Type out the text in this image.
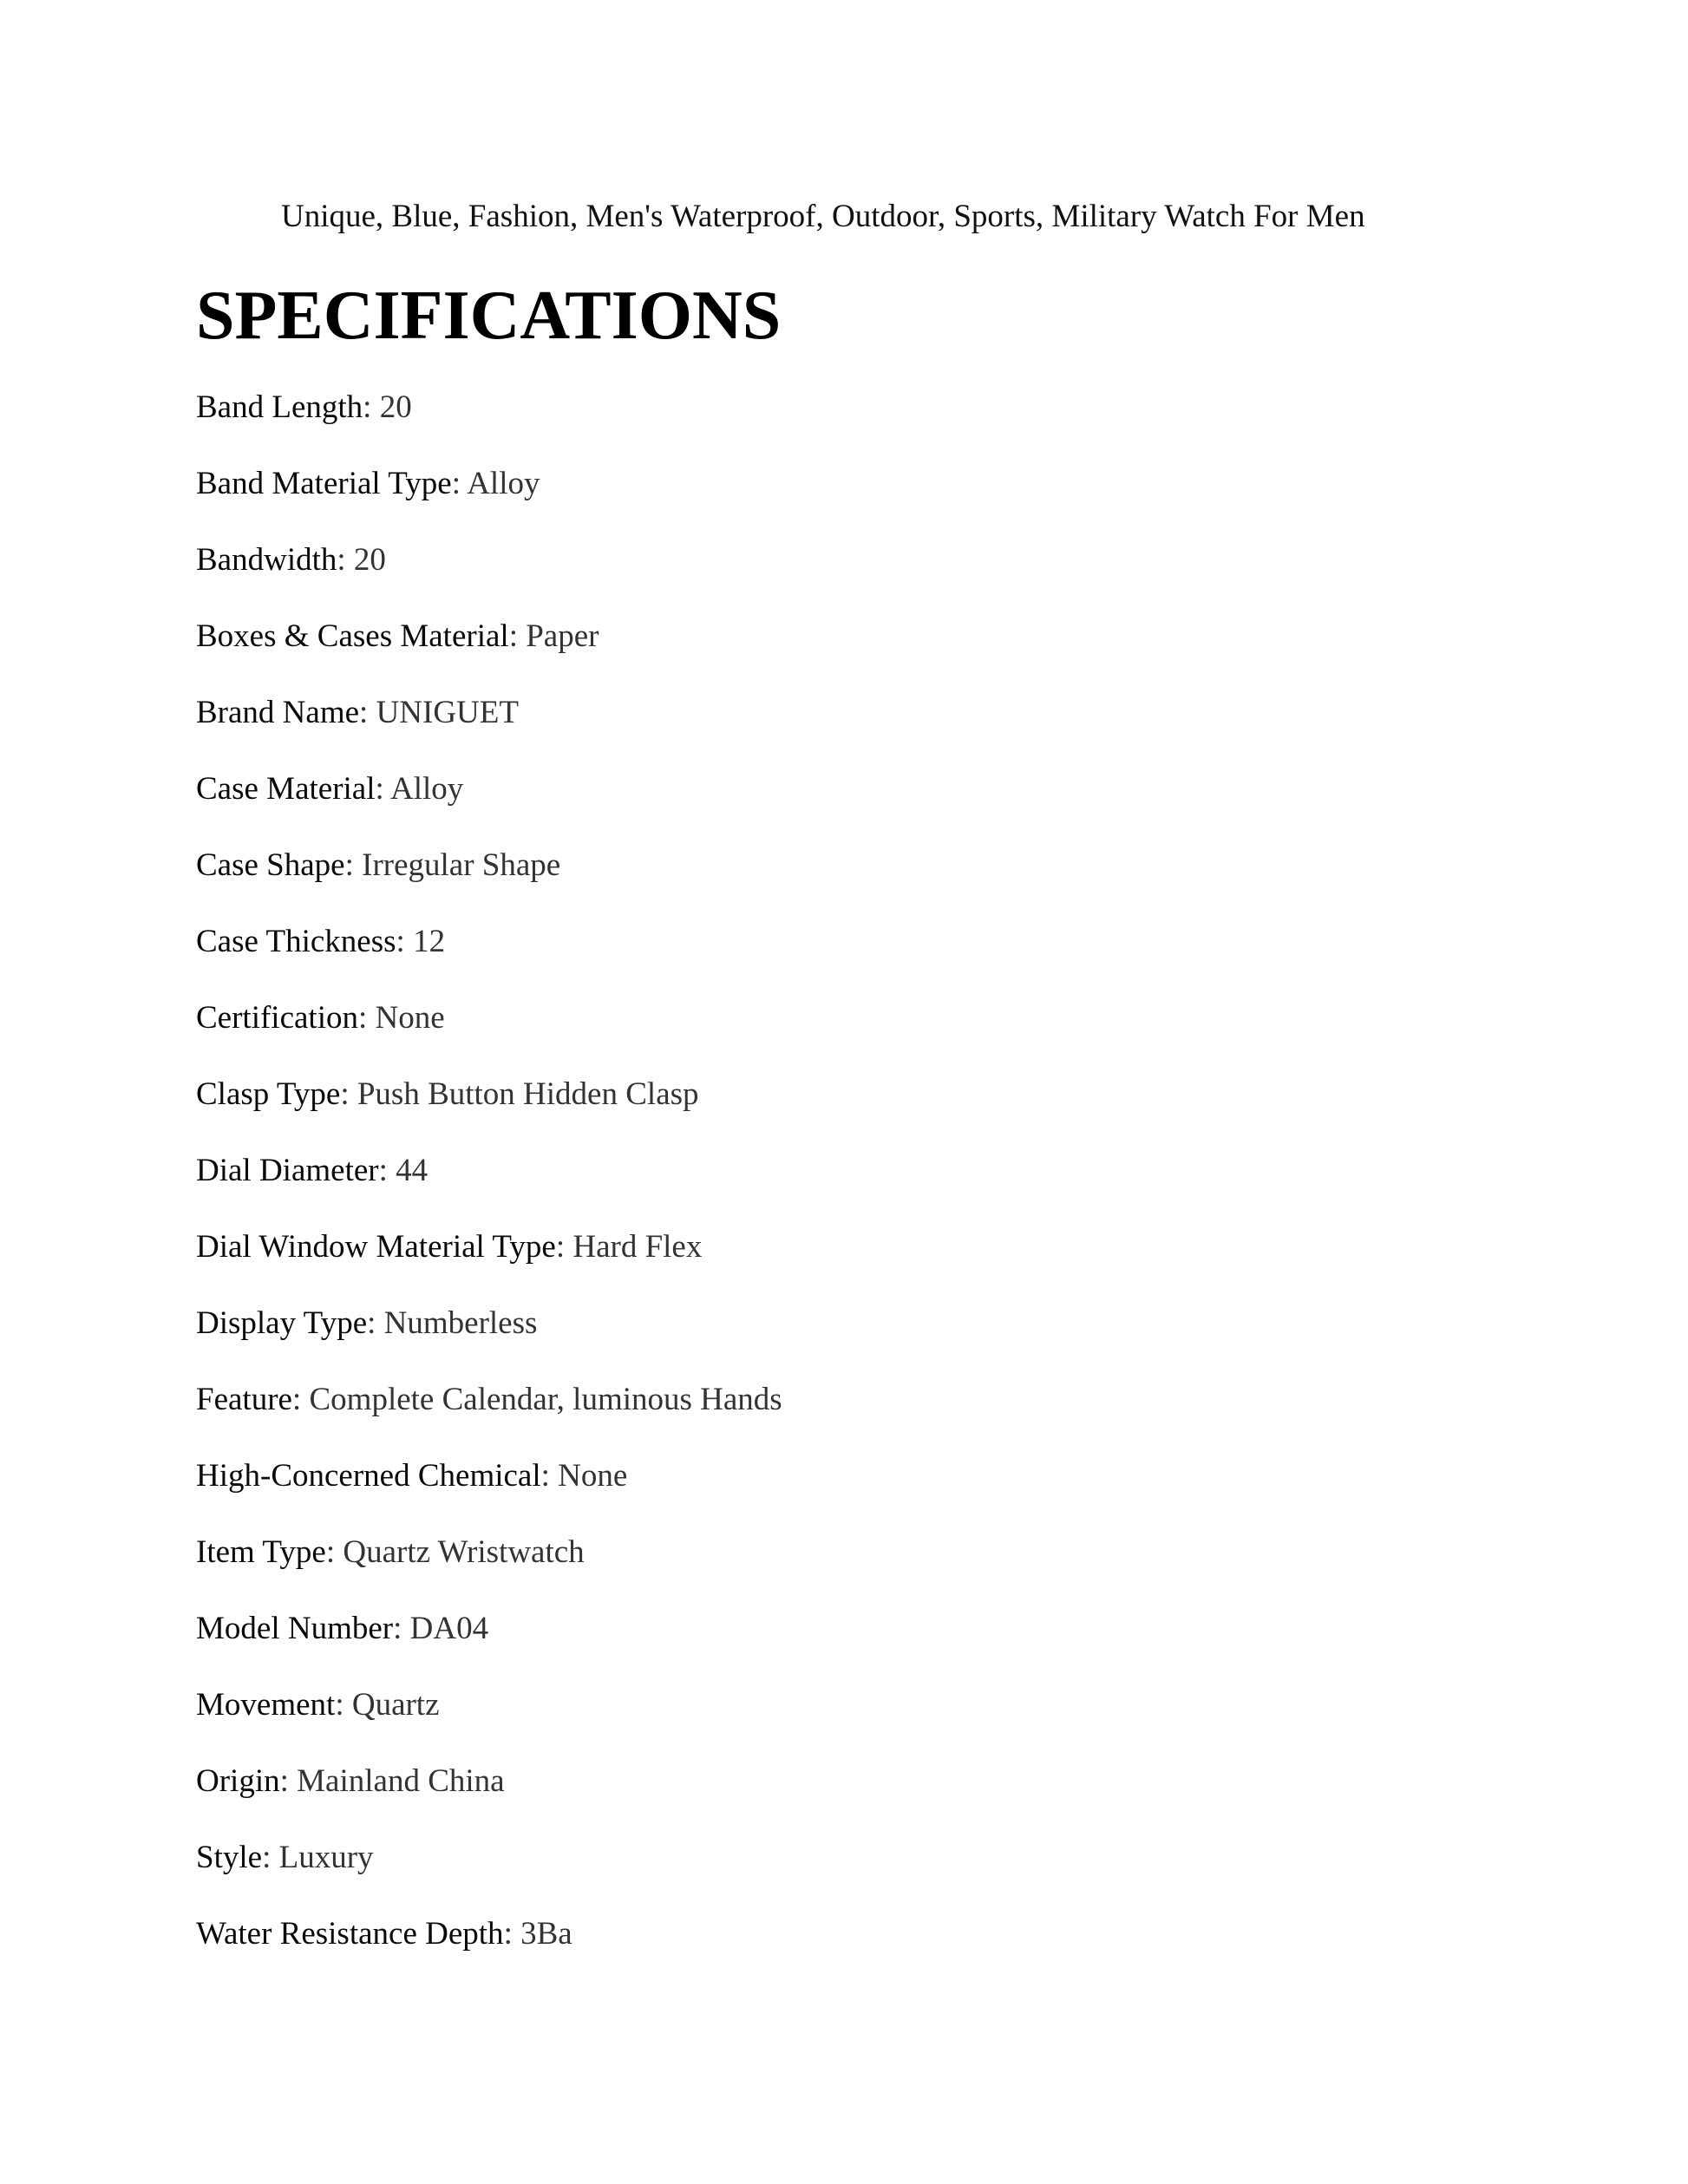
Unique, Blue, Fashion, Men's Waterproof, Outdoor, Sports, Military Watch For Men
SPECIFICATIONS
Band Length: 20
Band Material Type: Alloy
Bandwidth: 20
Boxes & Cases Material: Paper
Brand Name: UNIGUET
Case Material: Alloy
Case Shape: Irregular Shape
Case Thickness: 12
Certification: None
Clasp Type: Push Button Hidden Clasp
Dial Diameter: 44
Dial Window Material Type: Hard Flex
Display Type: Numberless
Feature: Complete Calendar, luminous Hands
High-Concerned Chemical: None
Item Type: Quartz Wristwatch
Model Number: DA04
Movement: Quartz
Origin: Mainland China
Style: Luxury
Water Resistance Depth: 3Ba
